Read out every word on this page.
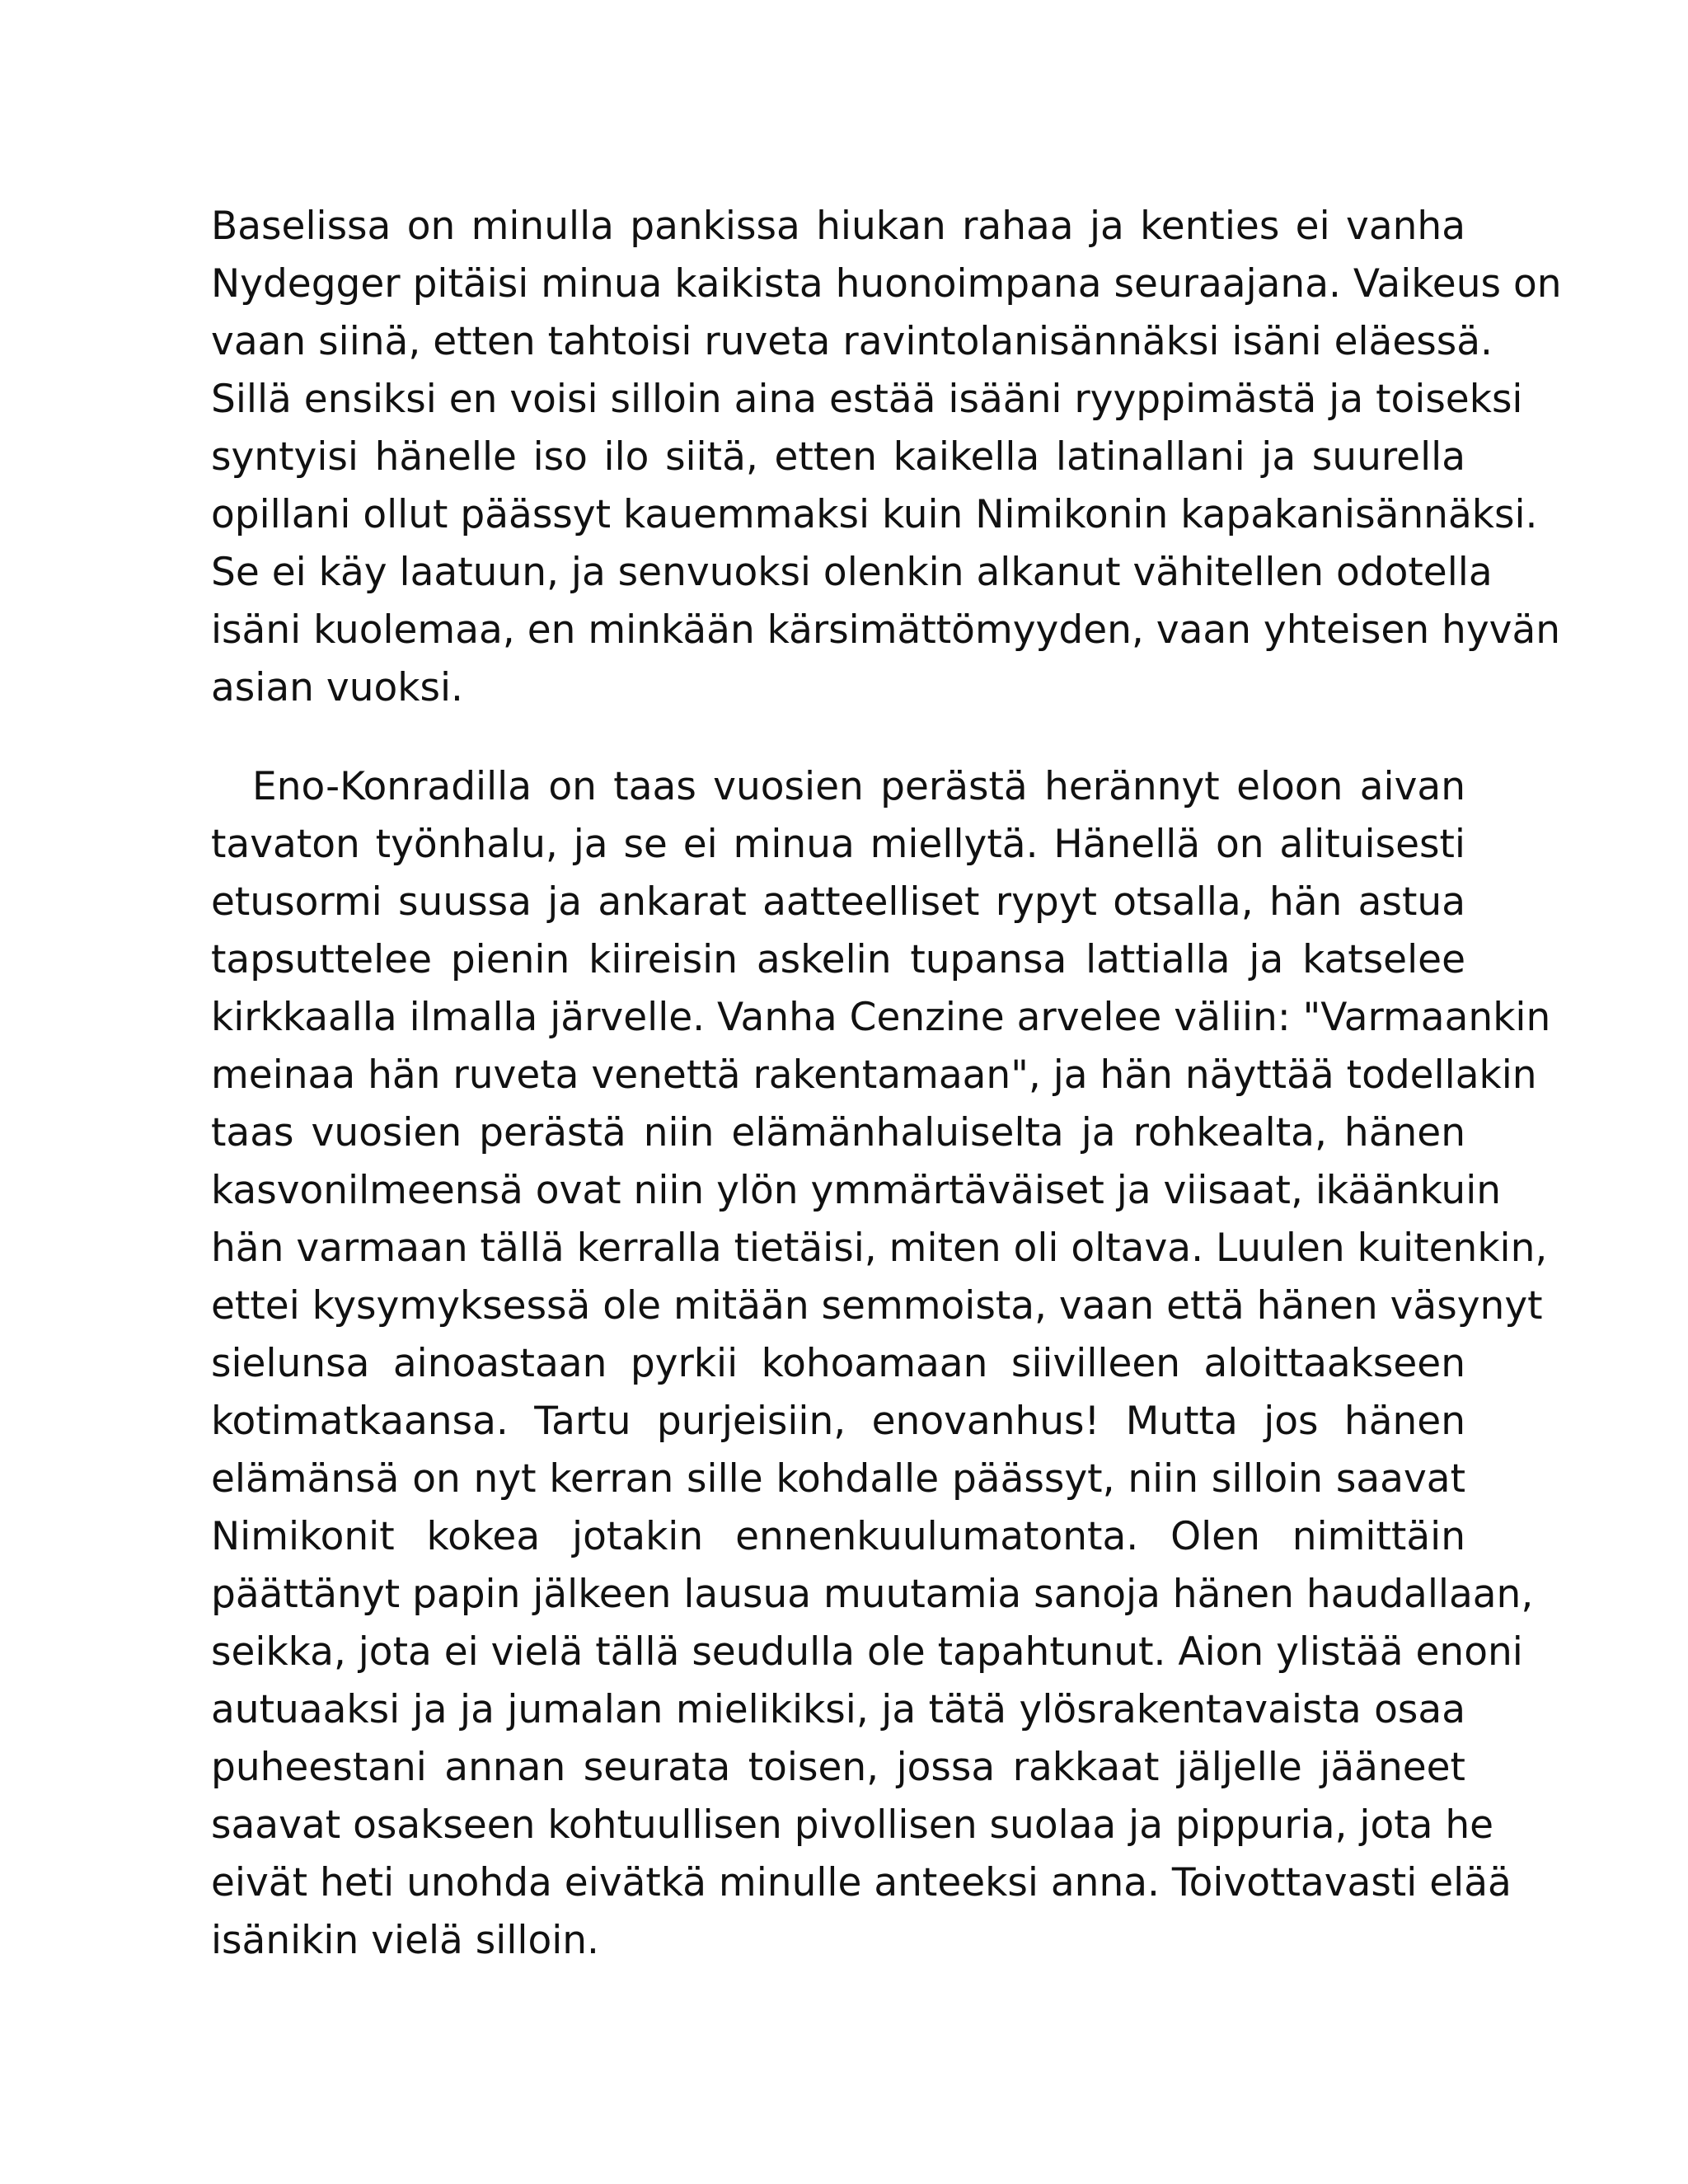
Baselissa on minulla pankissa hiukan rahaa ja kenties ei vanha
Nydegger pitäisi minua kaikista huonoimpana seuraajana. Vaikeus on
vaan siinä, etten tahtoisi ruveta ravintolanisännäksi isäni eläessä.
Sillä ensiksi en voisi silloin aina estää isääni ryyppimästä ja toiseksi
syntyisi hänelle iso ilo siitä, etten kaikella latinallani ja suurella
opillani ollut päässyt kauemmaksi kuin Nimikonin kapakanisännäksi.
Se ei käy laatuun, ja senvuoksi olenkin alkanut vähitellen odotella
isäni kuolemaa, en minkään kärsimättömyyden, vaan yhteisen hyvän
asian vuoksi.
Eno-Konradilla on taas vuosien perästä herännyt eloon aivan
tavaton työnhalu, ja se ei minua miellytä. Hänellä on alituisesti
etusormi suussa ja ankarat aatteelliset rypyt otsalla, hän astua
tapsuttelee pienin kiireisin askelin tupansa lattialla ja katselee
kirkkaalla ilmalla järvelle. Vanha Cenzine arvelee väliin: "Varmaankin
meinaa hän ruveta venettä rakentamaan", ja hän näyttää todellakin
taas vuosien perästä niin elämänhaluiselta ja rohkealta, hänen
kasvonilmeensä ovat niin ylön ymmärtäväiset ja viisaat, ikäänkuin
hän varmaan tällä kerralla tietäisi, miten oli oltava. Luulen kuitenkin,
ettei kysymyksessä ole mitään semmoista, vaan että hänen väsynyt
sielunsa ainoastaan pyrkii kohoamaan siivilleen aloittaakseen
kotimatkaansa. Tartu purjeisiin, enovanhus! Mutta jos hänen
elämänsä on nyt kerran sille kohdalle päässyt, niin silloin saavat
Nimikonit kokea jotakin ennenkuulumatonta. Olen nimittäin
päättänyt papin jälkeen lausua muutamia sanoja hänen haudallaan,
seikka, jota ei vielä tällä seudulla ole tapahtunut. Aion ylistää enoni
autuaaksi ja ja jumalan mielikiksi, ja tätä ylösrakentavaista osaa
puheestani annan seurata toisen, jossa rakkaat jäljelle jääneet
saavat osakseen kohtuullisen pivollisen suolaa ja pippuria, jota he
eivät heti unohda eivätkä minulle anteeksi anna. Toivottavasti elää
isänikin vielä silloin.
